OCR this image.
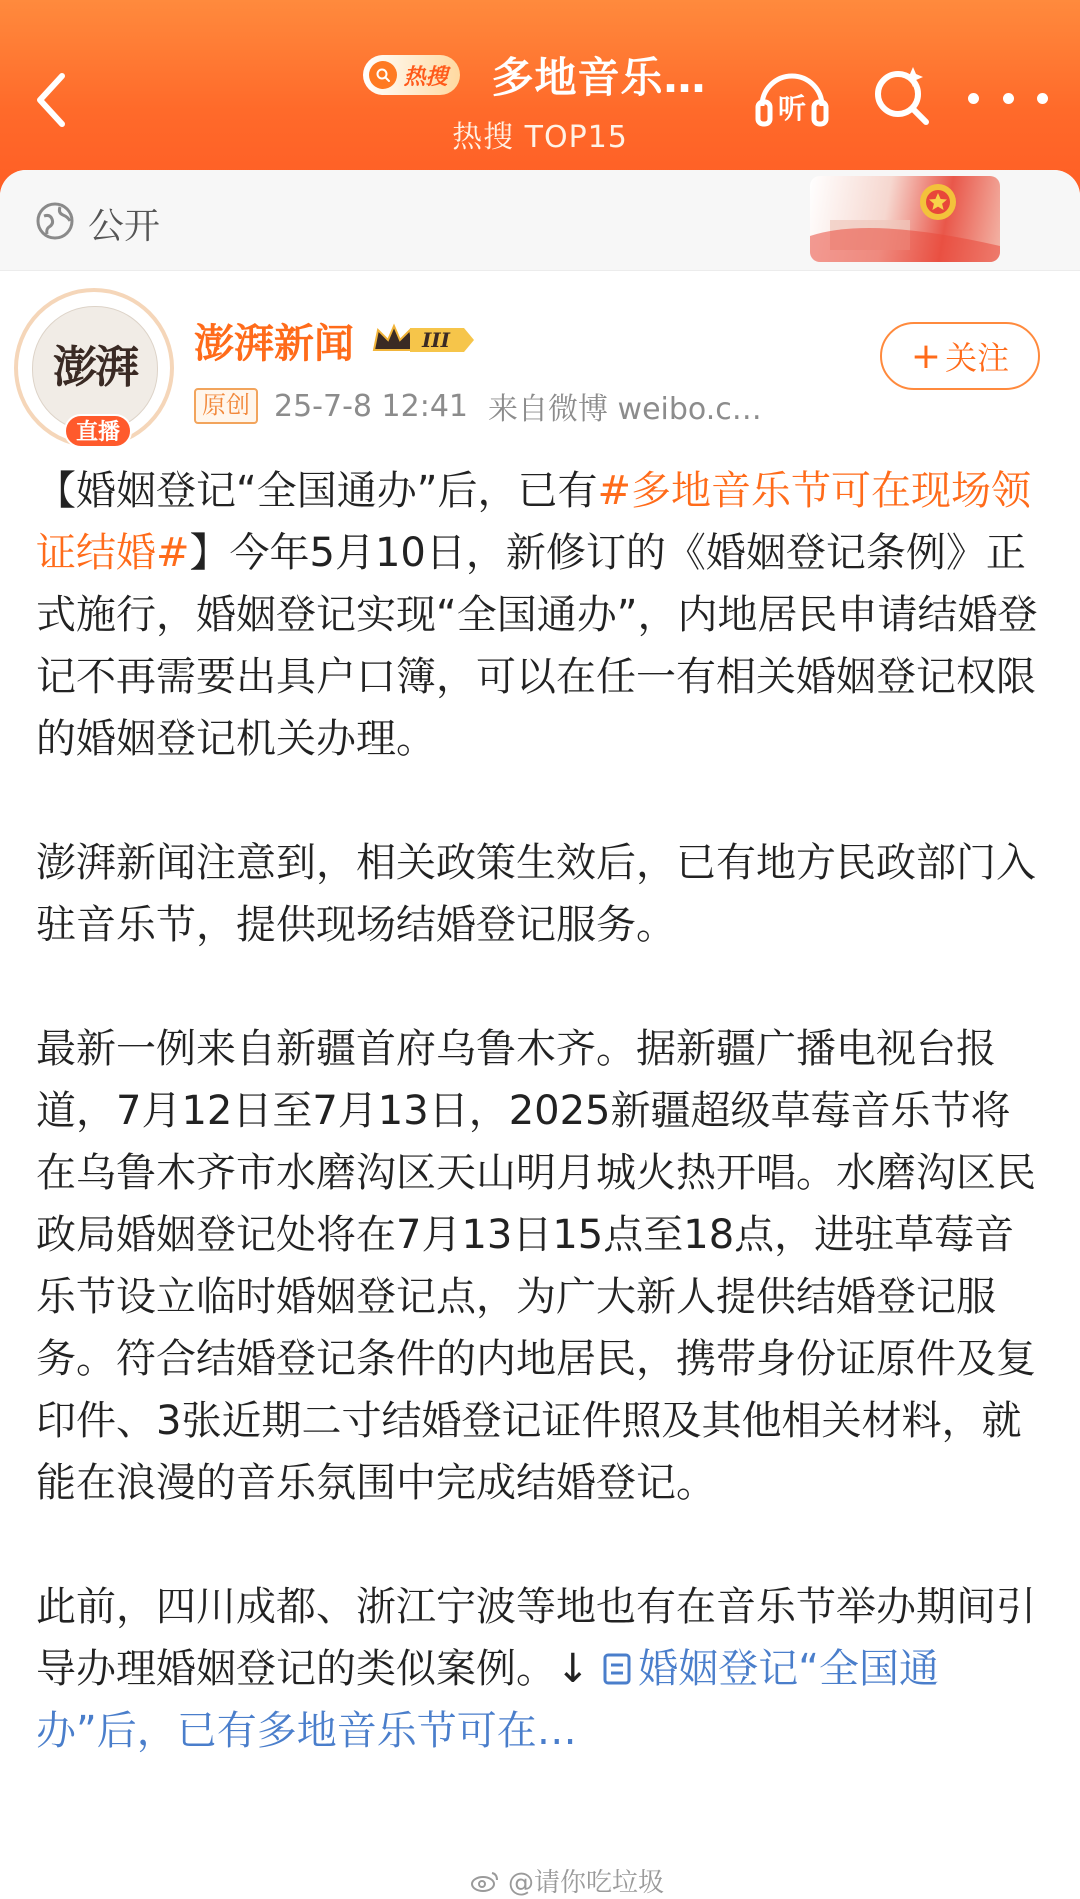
热搜 多地音乐…
热搜 TOP15
听
公开
澎湃
直播
澎湃新闻	III
原创 25-7-8 12:41 来自微博 weibo.c…
+ 关注

【婚姻登记“全国通办”后，已有#多地音乐节可在现场领证结婚#】今年5月10日，新修订的《婚姻登记条例》正式施行，婚姻登记实现“全国通办”，内地居民申请结婚登记不再需要出具户口簿，可以在任一有相关婚姻登记权限的婚姻登记机关办理。

澎湃新闻注意到，相关政策生效后，已有地方民政部门入驻音乐节，提供现场结婚登记服务。

最新一例来自新疆首府乌鲁木齐。据新疆广播电视台报道，7月12日至7月13日，2025新疆超级草莓音乐节将在乌鲁木齐市水磨沟区天山明月城火热开唱。水磨沟区民政局婚姻登记处将在7月13日15点至18点，进驻草莓音乐节设立临时婚姻登记点，为广大新人提供结婚登记服务。符合结婚登记条件的内地居民，携带身份证原件及复印件、3张近期二寸结婚登记证件照及其他相关材料，就能在浪漫的音乐氛围中完成结婚登记。

此前，四川成都、浙江宁波等地也有在音乐节举办期间引导办理婚姻登记的类似案例。↓ 婚姻登记“全国通办”后，已有多地音乐节可在…

@请你吃垃圾
